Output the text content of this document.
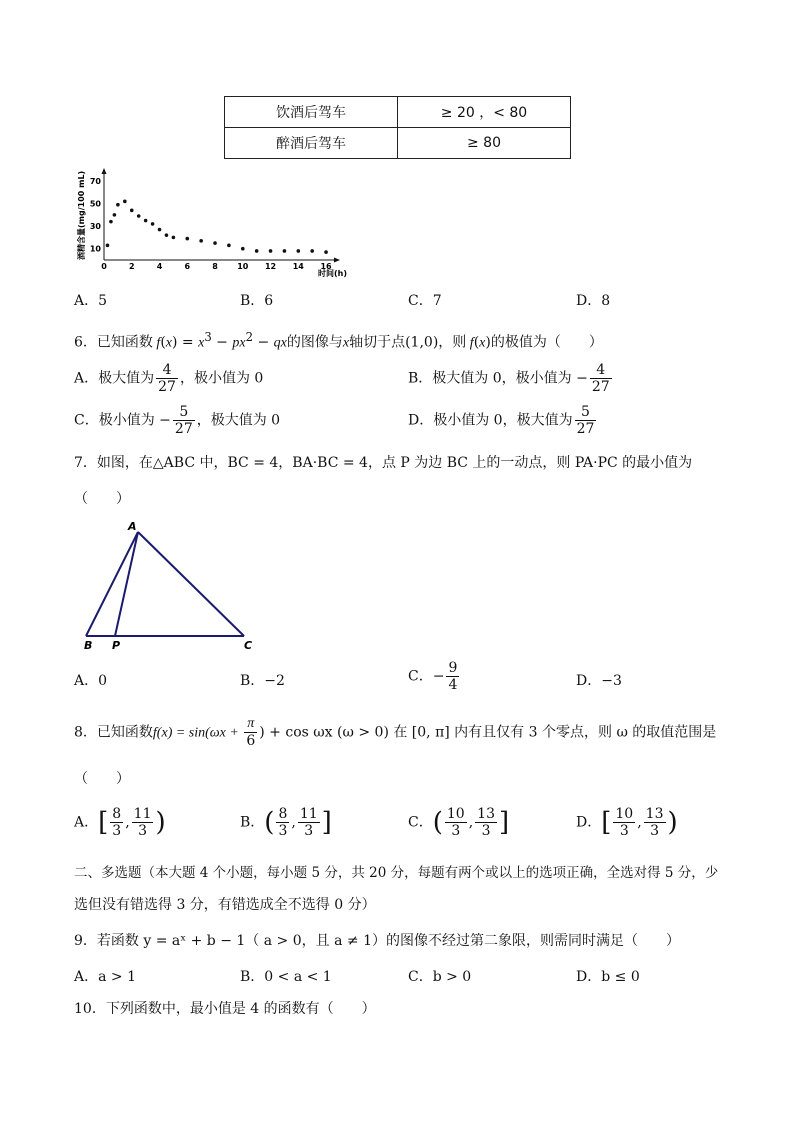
饮酒后驾车	≥ 20 ，< 80
醉酒后驾车	≥ 80
酒精含量(mg/100 mL)
0	2	4	6	8 10 12 14 16
10
30
50
70
时间(h)
A．5	B．6	C．7	D．8
6．已知函数 $f(x) = x^3 - px^2$ − qx的图像与x轴切于点(1,0)，则 f(x)的极值为（　　）
A．极大值为 $\frac{4}{27}$ ，极小值为 0	B．极大值为 0，极小值为 − $\frac{4}{27}$
C．极小值为 − $\frac{5}{27}$ ，极大值为 0	D．极小值为 0，极大值为 $\frac{5}{27}$
7．如图，在△ABC 中，BC = 4，BA·BC = 4，点 P 为边 BC 上的一动点，则 PA·PC 的最小值为
（　　）
A
B P	C
A．0	B．−2	C．− $\frac{9}{4}$	D．−3
8．已知函数$f(x) = \sin(\omega x + \frac{\pi}{6}$ ) + cos ωx (ω > 0) 在 [0, π] 内有且仅有 3 个零点，则 ω 的取值范围是
（　　）
A．[ $\frac{8}{3}$ , $\frac{11}{3}$ )	B．( $\frac{8}{3}$ , $\frac{11}{3}$ ]	C．( $\frac{10}{3}$ , $\frac{13}{3}$ ]	D．[ $\frac{10}{3}$ , $\frac{13}{3}$ )
二、多选题（本大题 4 个小题，每小题 5 分，共 20 分，每题有两个或以上的选项正确，全选对得 5 分，少
选但没有错选得 3 分，有错选成全不选得 0 分）
9．若函数 y = aˣ + b − 1（ a > 0，且 a ≠ 1）的图像不经过第二象限，则需同时满足（　　）
A．a > 1	B．0 < a < 1	C．b > 0	D．b ≤ 0
10．下列函数中，最小值是 4 的函数有（　　）
